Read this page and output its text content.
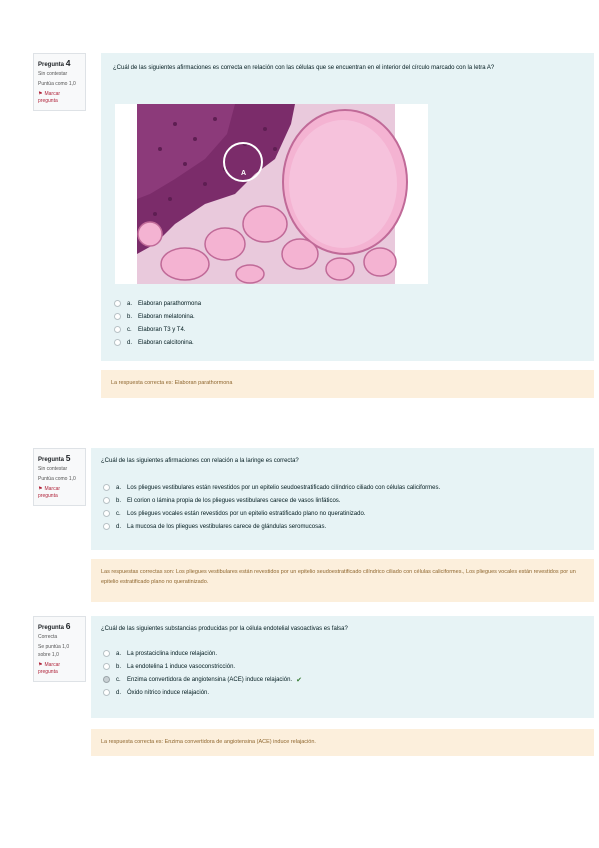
Pregunta 4
Sin contestar
Puntúa como 1,0
⚑ Marcar pregunta
¿Cuál de las siguientes afirmaciones es correcta en relación con las células que se encuentran en el interior del círculo marcado con la letra A?
A
a. Elaboran parathormona
b. Elaboran melatonina.
c.	Elaboran T3 y T4.
d. Elaboran calcitonina.
La respuesta correcta es: Elaboran parathormona
Pregunta 5
Sin contestar
Puntúa como 1,0
⚑ Marcar pregunta
¿Cuál de las siguientes afirmaciones con relación a la laringe es correcta?
a. Los pliegues vestibulares están revestidos por un epitelio seudoestratificado cilíndrico ciliado con células caliciformes.
b. El corion o lámina propia de los pliegues vestibulares carece de vasos linfáticos.
c.	Los pliegues vocales están revestidos por un epitelio estratificado plano no queratinizado.
d. La mucosa de los pliegues vestibulares carece de glándulas seromucosas.
Las respuestas correctas son: Los pliegues vestibulares están revestidos por un epitelio seudoestratificado cilíndrico ciliado con células caliciformes., Los pliegues vocales están revestidos por un epitelio estratificado plano no queratinizado.
Pregunta 6
Correcta
Se puntúa 1,0 sobre 1,0
⚑ Marcar pregunta
¿Cuál de las siguientes substancias producidas por la célula endotelial vasoactivas es falsa?
a. La prostaciclina induce relajación.
b. La endotelina 1 induce vasoconstricción.
c.	Enzima convertidora de angiotensina (ACE) induce relajación. ✔
d. Óxido nítrico induce relajación.
La respuesta correcta es: Enzima convertidora de angiotensina (ACE) induce relajación.
